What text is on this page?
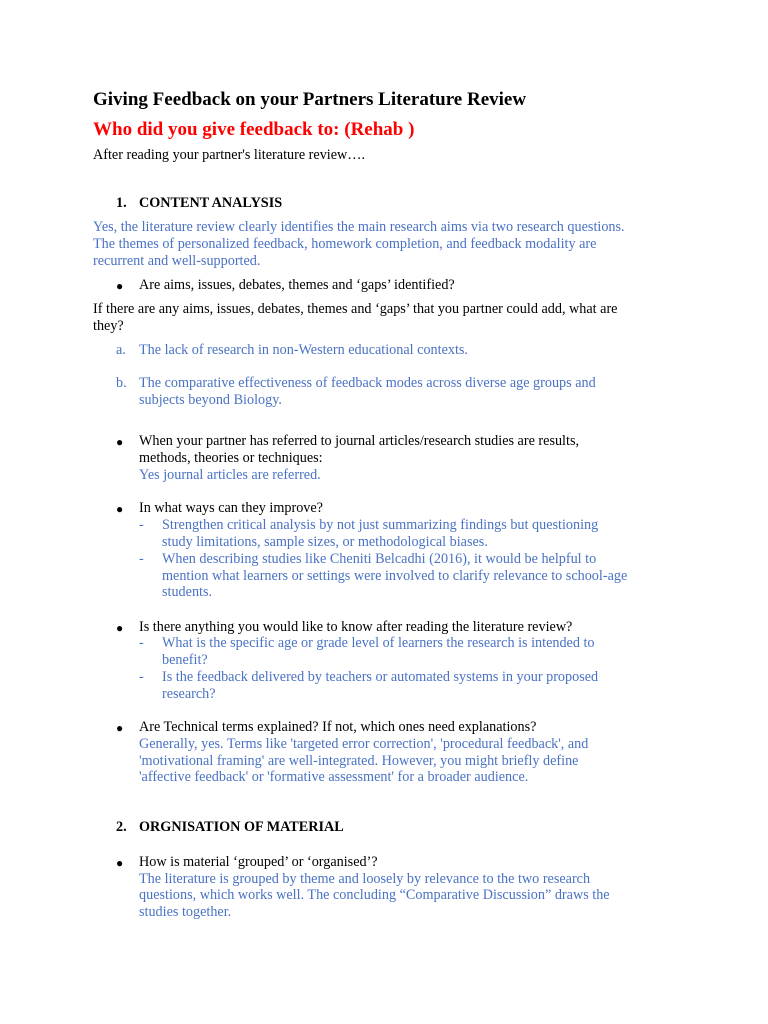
Giving Feedback on your Partners Literature Review
Who did you give feedback to: (Rehab )
After reading your partner's literature review….
1. CONTENT ANALYSIS
Yes, the literature review clearly identifies the main research aims via two research questions.
The themes of personalized feedback, homework completion, and feedback modality are
recurrent and well-supported.
● Are aims, issues, debates, themes and ‘gaps’ identified?
If there are any aims, issues, debates, themes and ‘gaps’ that you partner could add, what are
they?
a. The lack of research in non-Western educational contexts.
b. The comparative effectiveness of feedback modes across diverse age groups and
subjects beyond Biology.
● When your partner has referred to journal articles/research studies are results,
methods, theories or techniques:
Yes journal articles are referred.
● In what ways can they improve?
- Strengthen critical analysis by not just summarizing findings but questioning
study limitations, sample sizes, or methodological biases.
- When describing studies like Cheniti Belcadhi (2016), it would be helpful to
mention what learners or settings were involved to clarify relevance to school-age
students.
● Is there anything you would like to know after reading the literature review?
- What is the specific age or grade level of learners the research is intended to
benefit?
- Is the feedback delivered by teachers or automated systems in your proposed
research?
● Are Technical terms explained? If not, which ones need explanations?
Generally, yes. Terms like 'targeted error correction', 'procedural feedback', and
'motivational framing' are well-integrated. However, you might briefly define
'affective feedback' or 'formative assessment' for a broader audience.
2. ORGNISATION OF MATERIAL
● How is material ‘grouped’ or ‘organised’?
The literature is grouped by theme and loosely by relevance to the two research
questions, which works well. The concluding “Comparative Discussion” draws the
studies together.
